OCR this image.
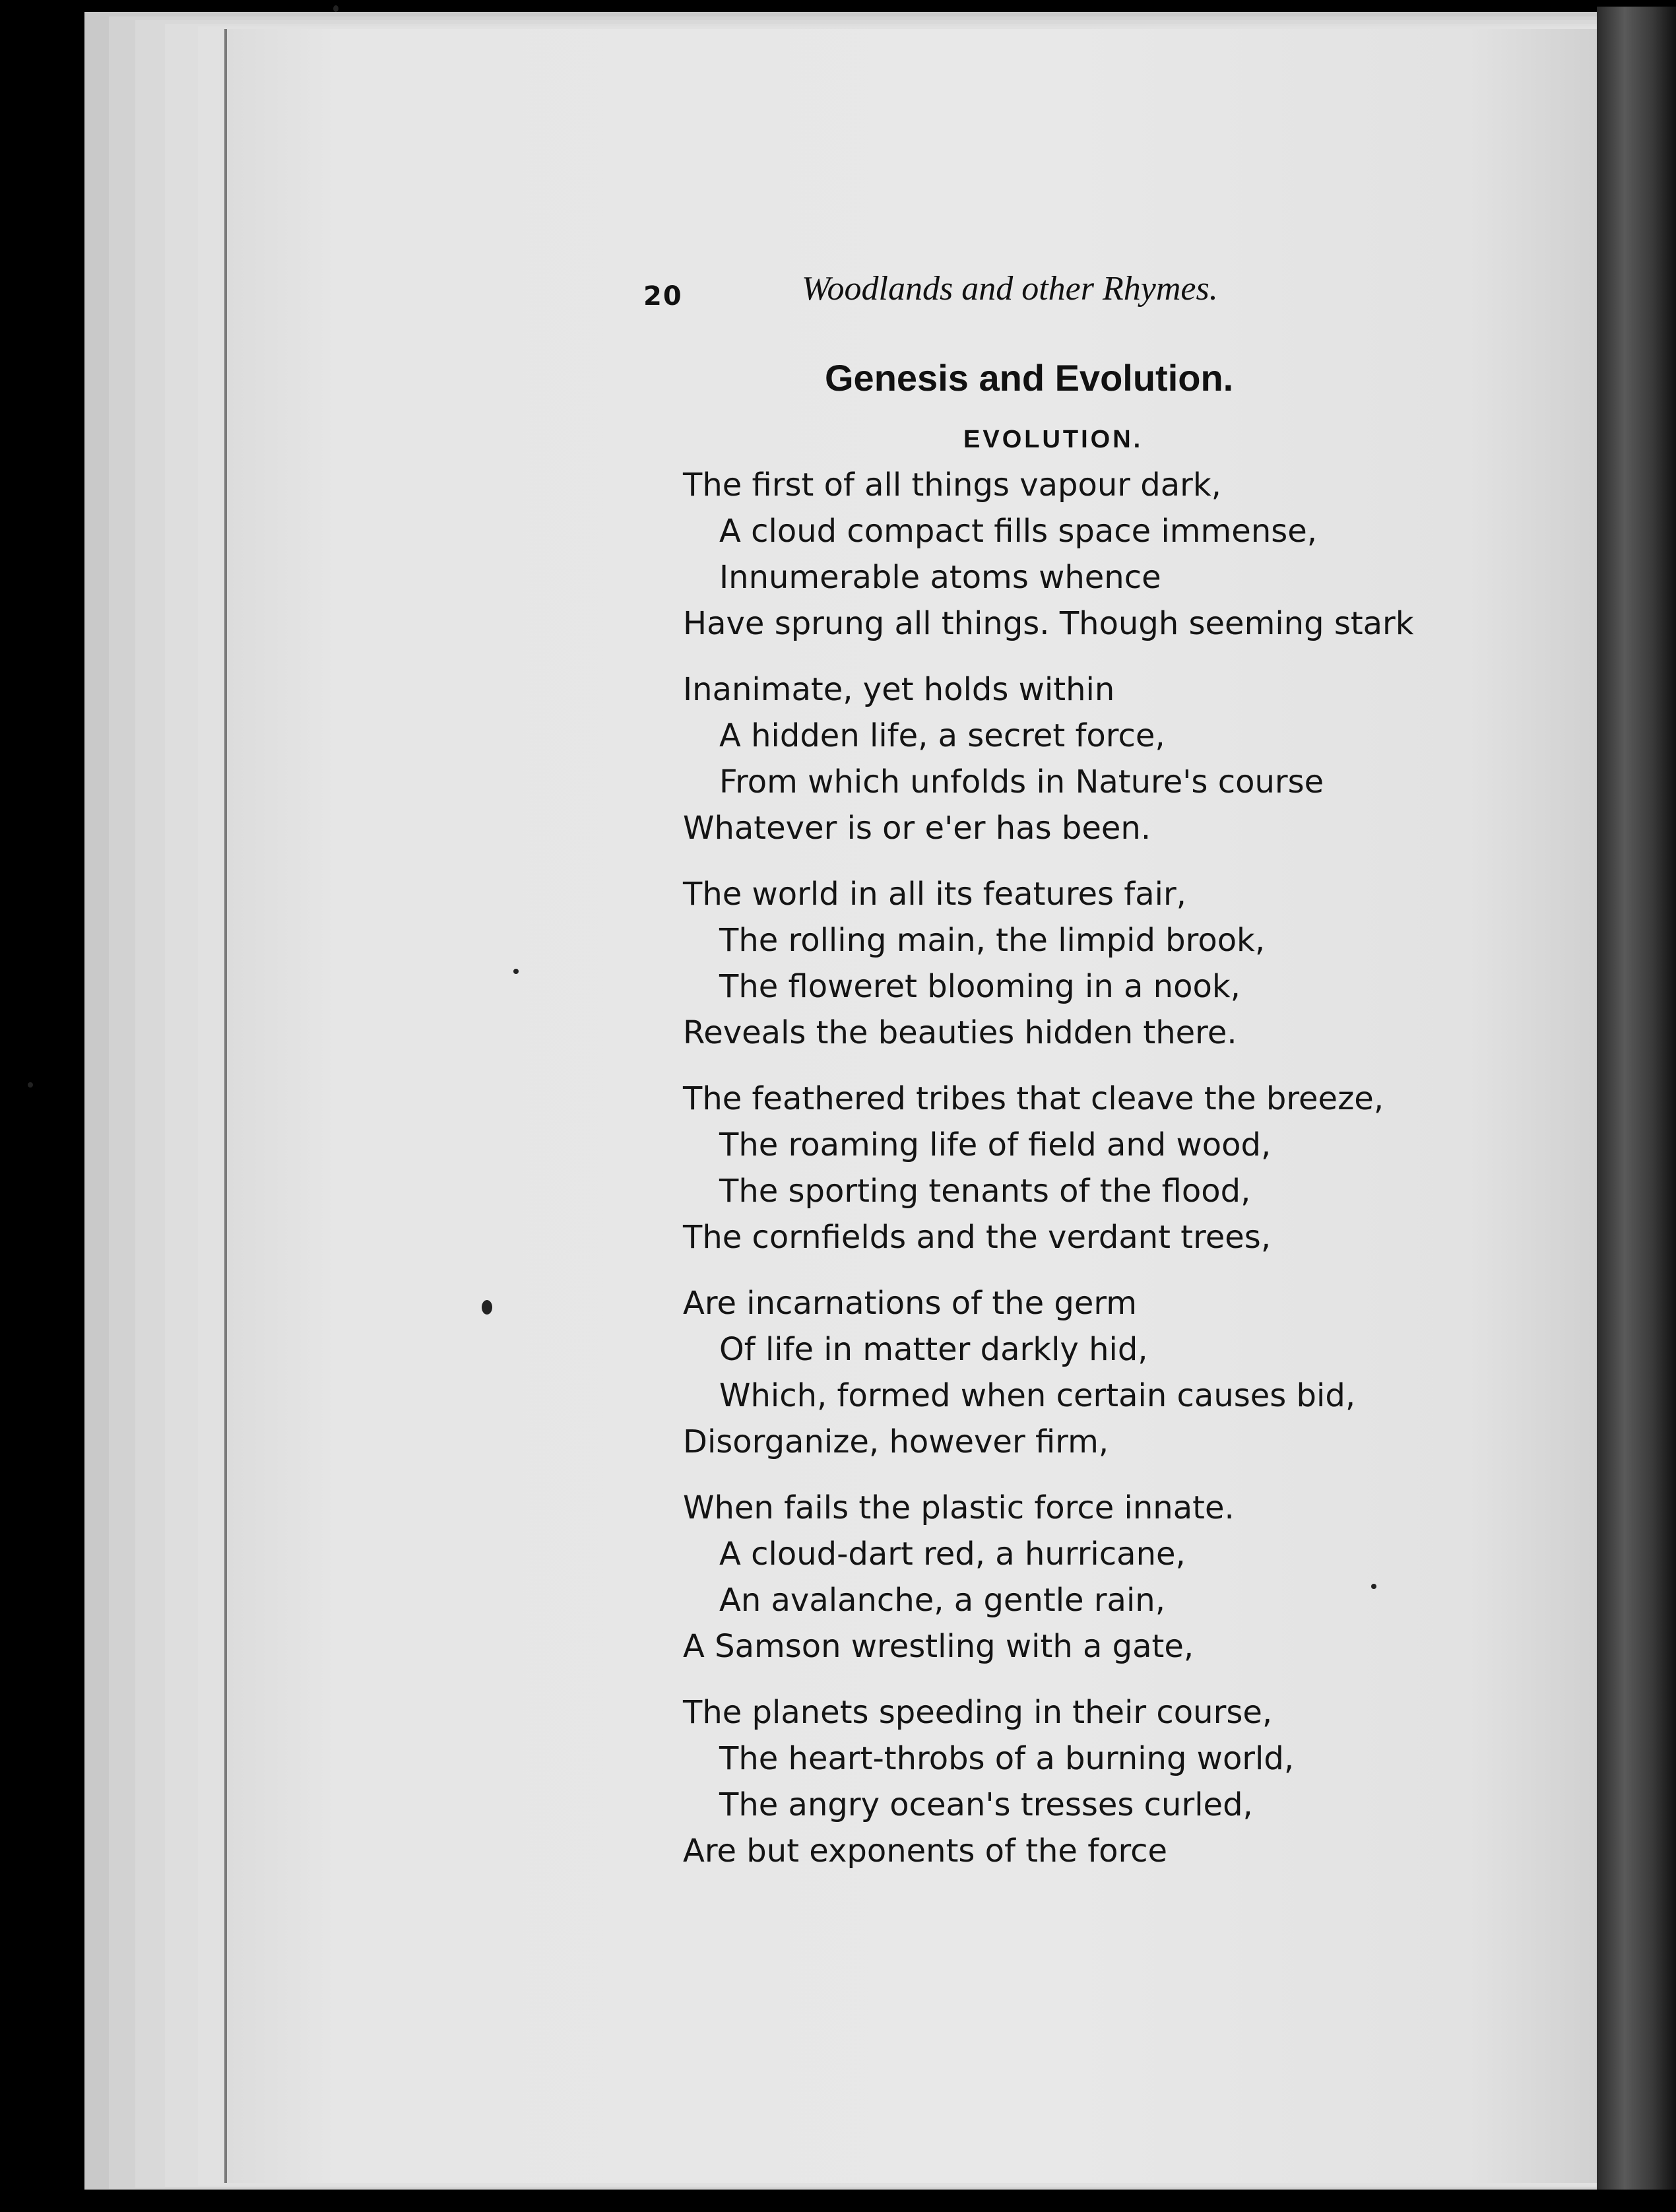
20	Woodlands and other Rhymes.
Genesis and Evolution.
EVOLUTION.
The first of all things vapour dark,
A cloud compact fills space immense,
Innumerable atoms whence
Have sprung all things. Though seeming stark
Inanimate, yet holds within
A hidden life, a secret force,
From which unfolds in Nature's course
Whatever is or e'er has been.
The world in all its features fair,
The rolling main, the limpid brook,
The floweret blooming in a nook,
Reveals the beauties hidden there.
The feathered tribes that cleave the breeze,
The roaming life of field and wood,
The sporting tenants of the flood,
The cornfields and the verdant trees,
Are incarnations of the germ
Of life in matter darkly hid,
Which, formed when certain causes bid,
Disorganize, however firm,
When fails the plastic force innate.
A cloud-dart red, a hurricane,
An avalanche, a gentle rain,
A Samson wrestling with a gate,
The planets speeding in their course,
The heart-throbs of a burning world,
The angry ocean's tresses curled,
Are but exponents of the force
